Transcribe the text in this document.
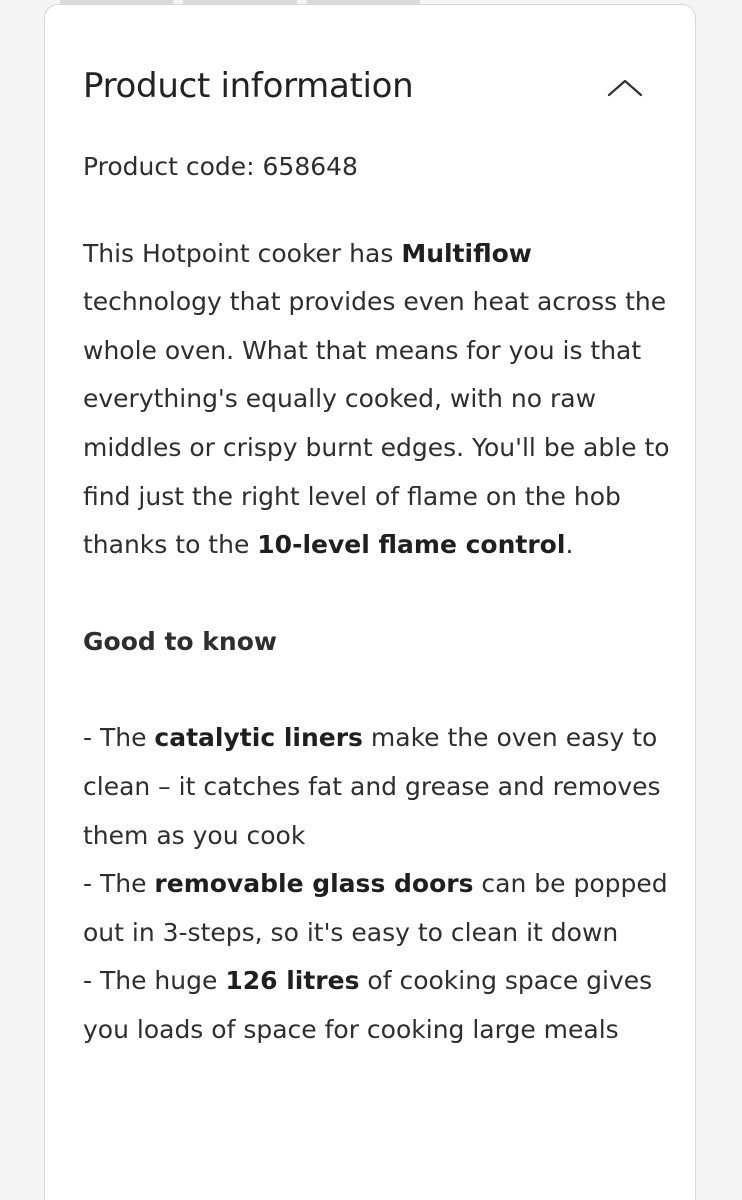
Product information

Product code: 658648

This Hotpoint cooker has Multiflow technology that provides even heat across the whole oven. What that means for you is that everything's equally cooked, with no raw middles or crispy burnt edges. You'll be able to find just the right level of flame on the hob thanks to the 10-level flame control.

Good to know

- The catalytic liners make the oven easy to clean – it catches fat and grease and removes them as you cook

- The removable glass doors can be popped out in 3-steps, so it's easy to clean it down

- The huge 126 litres of cooking space gives you loads of space for cooking large meals
